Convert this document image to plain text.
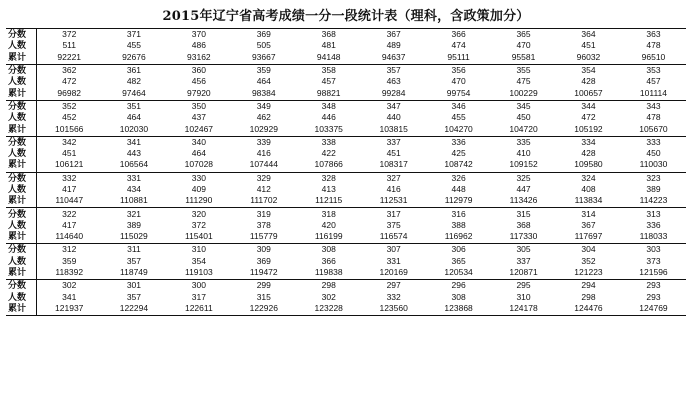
2015年辽宁省高考成绩一分一段统计表（理科，含政策加分）
分数	372	371	370	369	368	367	366	365	364	363
人数	511	455	486	505	481	489	474	470	451	478
累计	92221	92676	93162	93667	94148	94637	95111	95581	96032	96510
分数	362	361	360	359	358	357	356	355	354	353
人数	472	482	456	464	457	463	470	475	428	457
累计	96982	97464	97920	98384	98821	99284	99754	100229	100657	101114
分数	352	351	350	349	348	347	346	345	344	343
人数	452	464	437	462	446	440	455	450	472	478
累计	101566	102030	102467	102929	103375	103815	104270	104720	105192	105670
分数	342	341	340	339	338	337	336	335	334	333
人数	451	443	464	416	422	451	425	410	428	450
累计	106121	106564	107028	107444	107866	108317	108742	109152	109580	110030
分数	332	331	330	329	328	327	326	325	324	323
人数	417	434	409	412	413	416	448	447	408	389
累计	110447	110881	111290	111702	112115	112531	112979	113426	113834	114223
分数	322	321	320	319	318	317	316	315	314	313
人数	417	389	372	378	420	375	388	368	367	336
累计	114640	115029	115401	115779	116199	116574	116962	117330	117697	118033
分数	312	311	310	309	308	307	306	305	304	303
人数	359	357	354	369	366	331	365	337	352	373
累计	118392	118749	119103	119472	119838	120169	120534	120871	121223	121596
分数	302	301	300	299	298	297	296	295	294	293
人数	341	357	317	315	302	332	308	310	298	293
累计	121937	122294	122611	122926	123228	123560	123868	124178	124476	124769
